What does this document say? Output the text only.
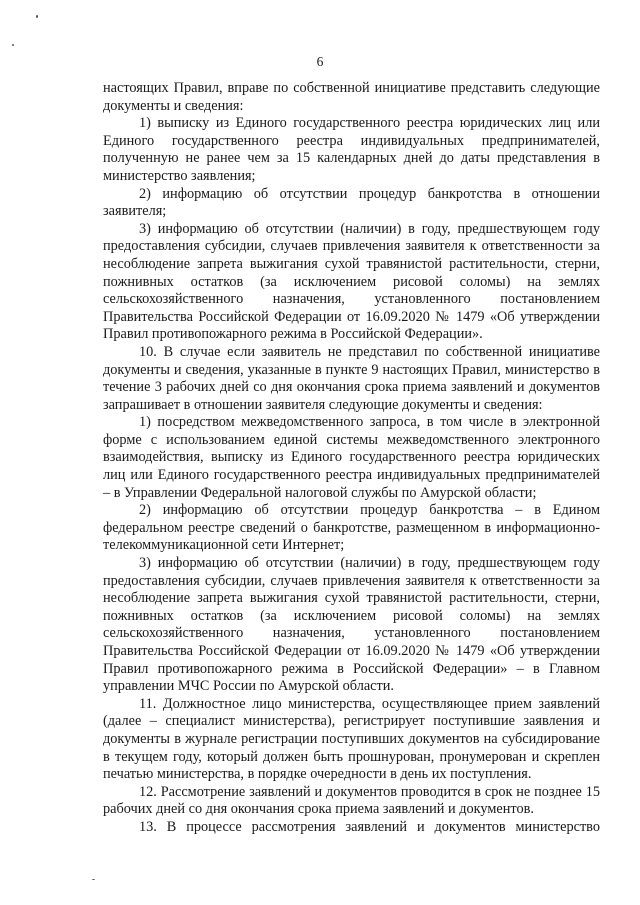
6

настоящих Правил, вправе по собственной инициативе представить следующие документы и сведения:

1) выписку из Единого государственного реестра юридических лиц или Единого государственного реестра индивидуальных предпринимателей, полученную не ранее чем за 15 календарных дней до даты представления в министерство заявления;

2) информацию об отсутствии процедур банкротства в отношении заявителя;

3) информацию об отсутствии (наличии) в году, предшествующем году предоставления субсидии, случаев привлечения заявителя к ответственности за несоблюдение запрета выжигания сухой травянистой растительности, стерни, пожнивных остатков (за исключением рисовой соломы) на землях сельскохозяйственного назначения, установленного постановлением Правительства Российской Федерации от 16.09.2020 № 1479 «Об утверждении Правил противопожарного режима в Российской Федерации».

10. В случае если заявитель не представил по собственной инициативе документы и сведения, указанные в пункте 9 настоящих Правил, министерство в течение 3 рабочих дней со дня окончания срока приема заявлений и документов запрашивает в отношении заявителя следующие документы и сведения:

1) посредством межведомственного запроса, в том числе в электронной форме с использованием единой системы межведомственного электронного взаимодействия, выписку из Единого государственного реестра юридических лиц или Единого государственного реестра индивидуальных предпринимателей – в Управлении Федеральной налоговой службы по Амурской области;

2) информацию об отсутствии процедур банкротства – в Едином федеральном реестре сведений о банкротстве, размещенном в информационно-телекоммуникационной сети Интернет;

3) информацию об отсутствии (наличии) в году, предшествующем году предоставления субсидии, случаев привлечения заявителя к ответственности за несоблюдение запрета выжигания сухой травянистой растительности, стерни, пожнивных остатков (за исключением рисовой соломы) на землях сельскохозяйственного назначения, установленного постановлением Правительства Российской Федерации от 16.09.2020 № 1479 «Об утверждении Правил противопожарного режима в Российской Федерации» – в Главном управлении МЧС России по Амурской области.

11. Должностное лицо министерства, осуществляющее прием заявлений (далее – специалист министерства), регистрирует поступившие заявления и документы в журнале регистрации поступивших документов на субсидирование в текущем году, который должен быть прошнурован, пронумерован и скреплен печатью министерства, в порядке очередности в день их поступления.

12. Рассмотрение заявлений и документов проводится в срок не позднее 15 рабочих дней со дня окончания срока приема заявлений и документов.

13. В процессе рассмотрения заявлений и документов министерство
